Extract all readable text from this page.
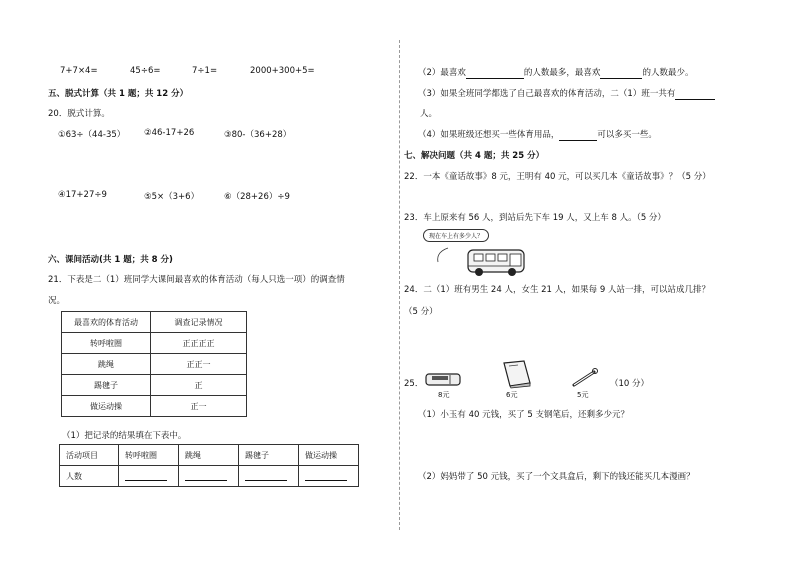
7+7×4=	45÷6=	7÷1=	2000+300+5=
五、脱式计算（共 1 题；共 12 分）
20．脱式计算。
①63÷（44-35） ②46-17+26	③80-（36+28）
④17+27÷9	⑤5×（3+6）	⑥（28+26）÷9
六、课间活动(共 1 题；共 8 分)
21．下表是二（1）班同学大课间最喜欢的体育活动（每人只选一项）的调查情
况。
最喜欢的体育活动	调查记录情况
转呼啦圈	正正正正
跳绳	正正一
踢毽子	正
做运动操	正一
（1）把记录的结果填在下表中。
活动项目	转呼啦圈	跳绳	踢毽子	做运动操
人数				
（2）最喜欢	的人数最多，最喜欢	的人数最少。
（3）如果全班同学都选了自己最喜欢的体育活动，二（1）班一共有
人。
（4）如果班级还想买一些体育用品，	可以多买一些。
七、解决问题（共 4 题；共 25 分）
22．一本《童话故事》8 元，王明有 40 元，可以买几本《童话故事》？（5 分）
23．车上原来有 56 人，到站后先下车 19 人，又上车 8 人。（5 分）
现在车上有多少人？
24．二（1）班有男生 24 人，女生 21 人，如果每 9 人站一排，可以站成几排？
（5 分）
25．
8元	6元	5元
（10 分）
（1）小玉有 40 元钱，买了 5 支钢笔后，还剩多少元？
（2）妈妈带了 50 元钱，买了一个文具盒后，剩下的钱还能买几本漫画？
